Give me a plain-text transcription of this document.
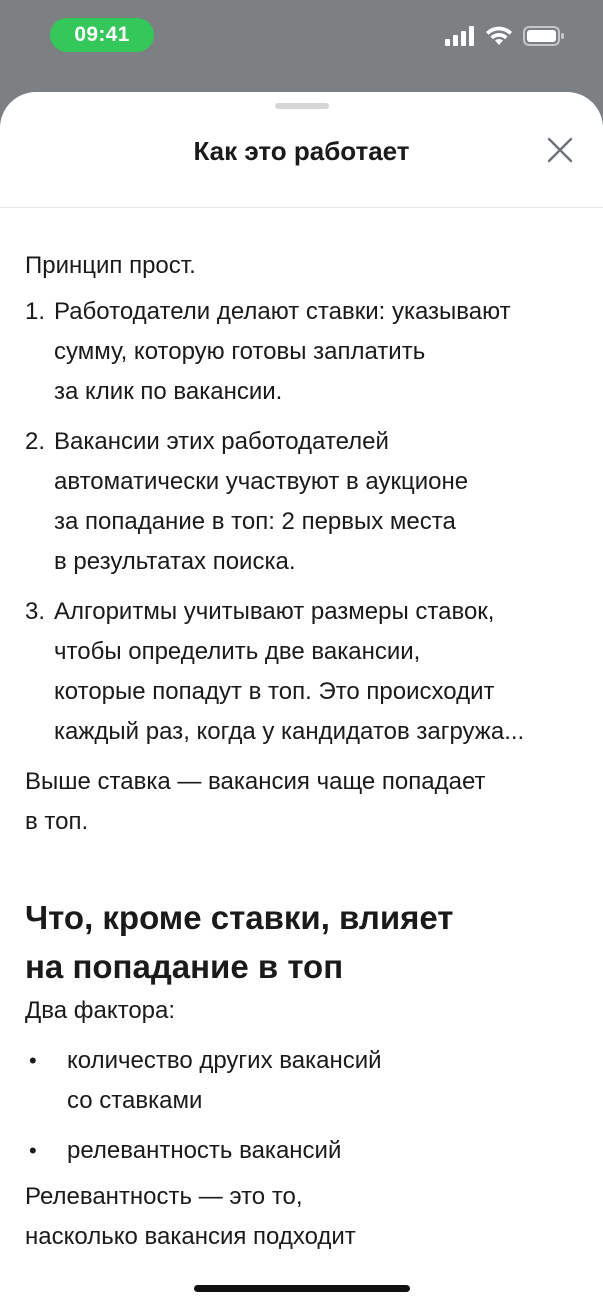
09:41
Как это работает

Принцип прост.

1. Работодатели делают ставки: указывают
сумму, которую готовы заплатить
за клик по вакансии.
2. Вакансии этих работодателей
автоматически участвуют в аукционе
за попадание в топ: 2 первых места
в результатах поиска.
3. Алгоритмы учитывают размеры ставок,
чтобы определить две вакансии,
которые попадут в топ. Это происходит
каждый раз, когда у кандидатов загружа...

Выше ставка — вакансия чаще попадает
в топ.

Что, кроме ставки, влияет
на попадание в топ

Два фактора:

•	количество других вакансий
со ставками
•	релевантность вакансий

Релевантность — это то,
насколько вакансия подходит
